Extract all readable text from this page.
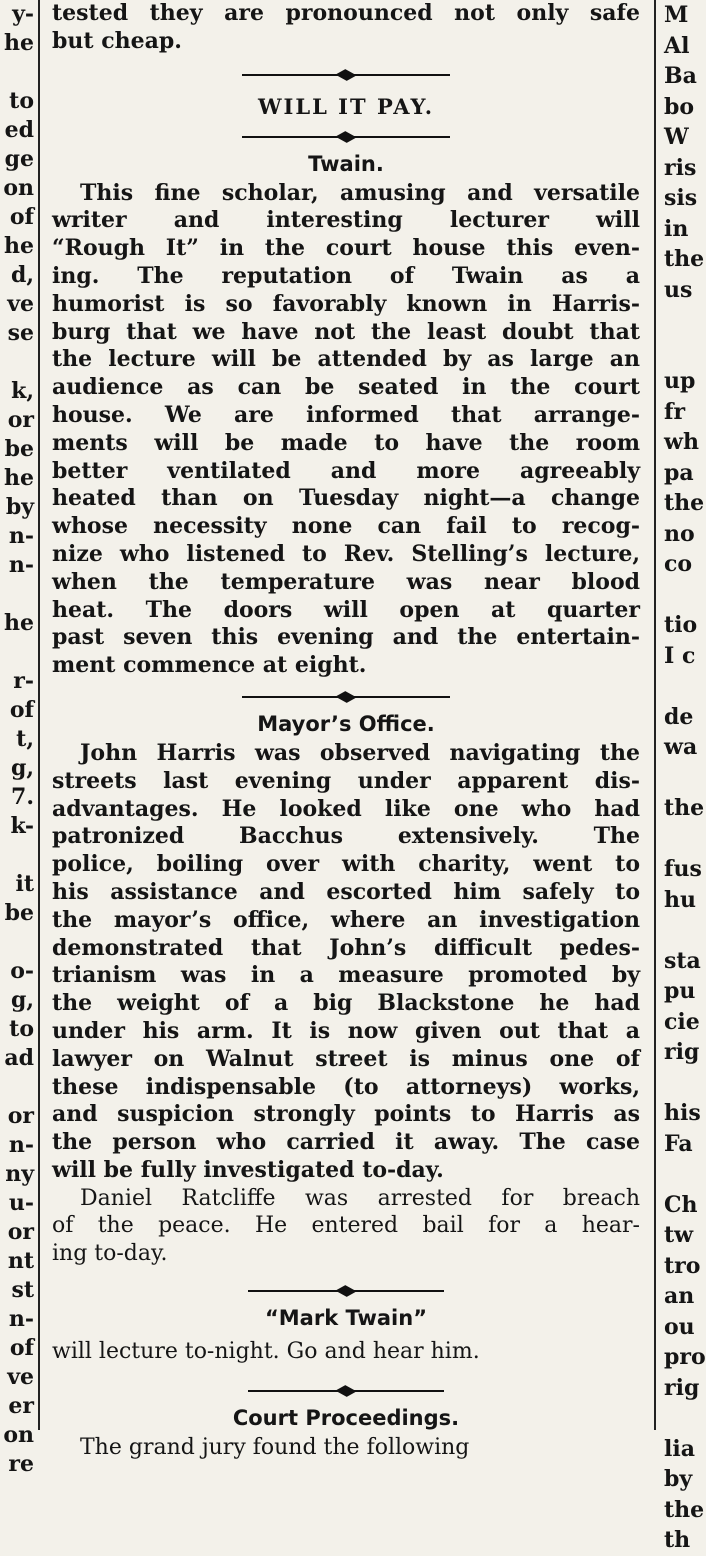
y-
he
to
ed
ge
on
of
he
d,
ve
se
k,
or
be
he
by
n-
n-
he
r-
of
t,
g,
7.
k-
it
be
o-
g,
to
ad
or
n-
ny
u-
or
nt
st
n-
of
ve
er
on
re
M
Al
Ba
bo
W
ris
sis
in
the
us
up
fr
wh
pa
the
no
co
tio
I c
de
wa
the
fus
hu
sta
pu
cie
rig
his
Fa
Ch
tw
tro
an
ou
pro
rig
lia
by
the
th
tested they are pronounced not only safe
but cheap.
WILL IT PAY.
Twain.
This fine scholar, amusing and versatile
writer and interesting lecturer will
“Rough It” in the court house this even-
ing. The reputation of Twain as a
humorist is so favorably known in Harris-
burg that we have not the least doubt that
the lecture will be attended by as large an
audience as can be seated in the court
house. We are informed that arrange-
ments will be made to have the room
better ventilated and more agreeably
heated than on Tuesday night—a change
whose necessity none can fail to recog-
nize who listened to Rev. Stelling’s lecture,
when the temperature was near blood
heat. The doors will open at quarter
past seven this evening and the entertain-
ment commence at eight.
Mayor’s Office.
John Harris was observed navigating the
streets last evening under apparent dis-
advantages. He looked like one who had
patronized Bacchus extensively. The
police, boiling over with charity, went to
his assistance and escorted him safely to
the mayor’s office, where an investigation
demonstrated that John’s difficult pedes-
trianism was in a measure promoted by
the weight of a big Blackstone he had
under his arm. It is now given out that a
lawyer on Walnut street is minus one of
these indispensable (to attorneys) works,
and suspicion strongly points to Harris as
the person who carried it away. The case
will be fully investigated to-day.
Daniel Ratcliffe was arrested for breach
of the peace. He entered bail for a hear-
ing to-day.
“Mark Twain”
will lecture to-night. Go and hear him.
Court Proceedings.
The grand jury found the following
